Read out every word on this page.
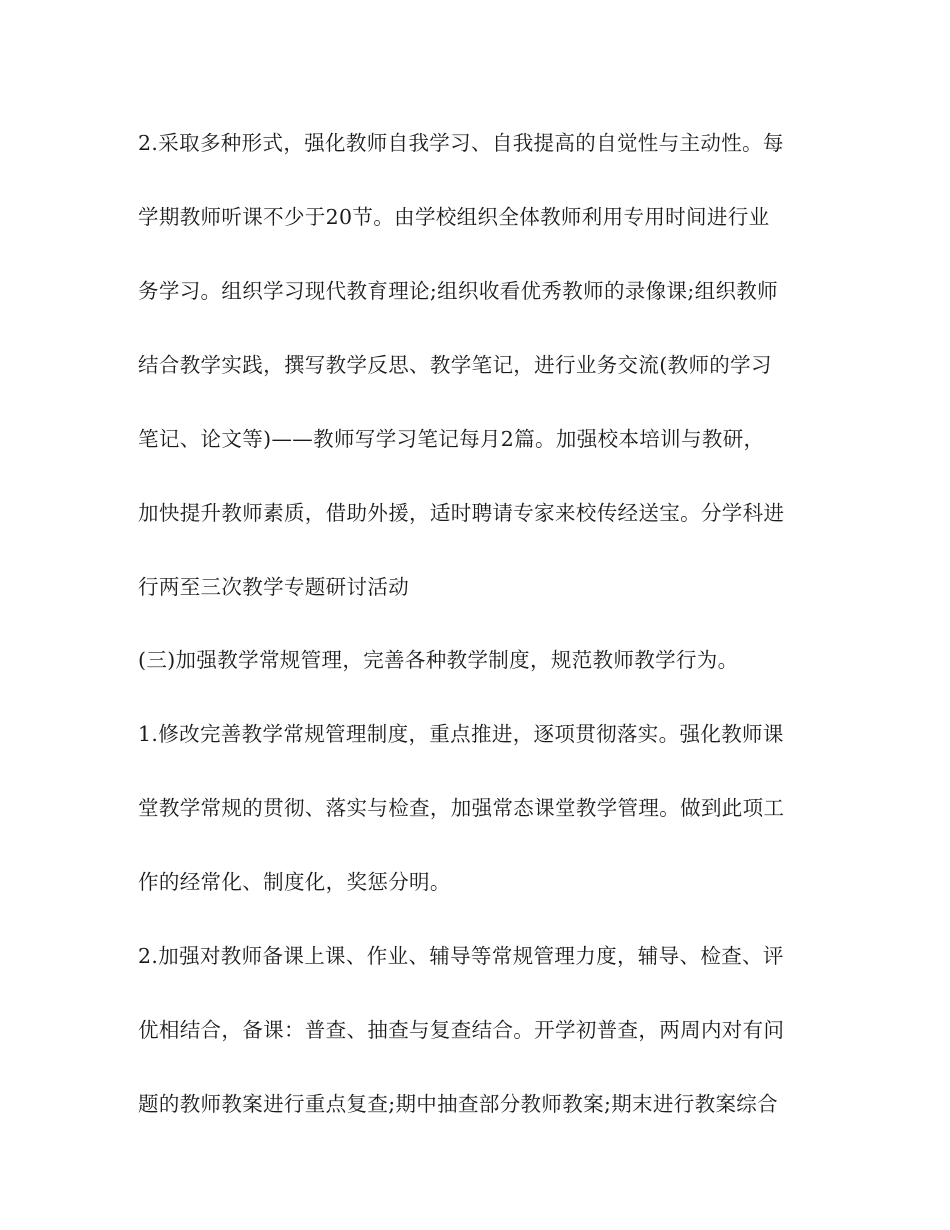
2.采取多种形式，强化教师自我学习、自我提高的自觉性与主动性。每
学期教师听课不少于20节。由学校组织全体教师利用专用时间进行业
务学习。组织学习现代教育理论;组织收看优秀教师的录像课;组织教师
结合教学实践，撰写教学反思、教学笔记，进行业务交流(教师的学习
笔记、论文等)——教师写学习笔记每月2篇。加强校本培训与教研，
加快提升教师素质，借助外援，适时聘请专家来校传经送宝。分学科进
行两至三次教学专题研讨活动
(三)加强教学常规管理，完善各种教学制度，规范教师教学行为。
1.修改完善教学常规管理制度，重点推进，逐项贯彻落实。强化教师课
堂教学常规的贯彻、落实与检查，加强常态课堂教学管理。做到此项工
作的经常化、制度化，奖惩分明。
2.加强对教师备课上课、作业、辅导等常规管理力度，辅导、检查、评
优相结合，备课：普查、抽查与复查结合。开学初普查，两周内对有问
题的教师教案进行重点复查;期中抽查部分教师教案;期末进行教案综合
